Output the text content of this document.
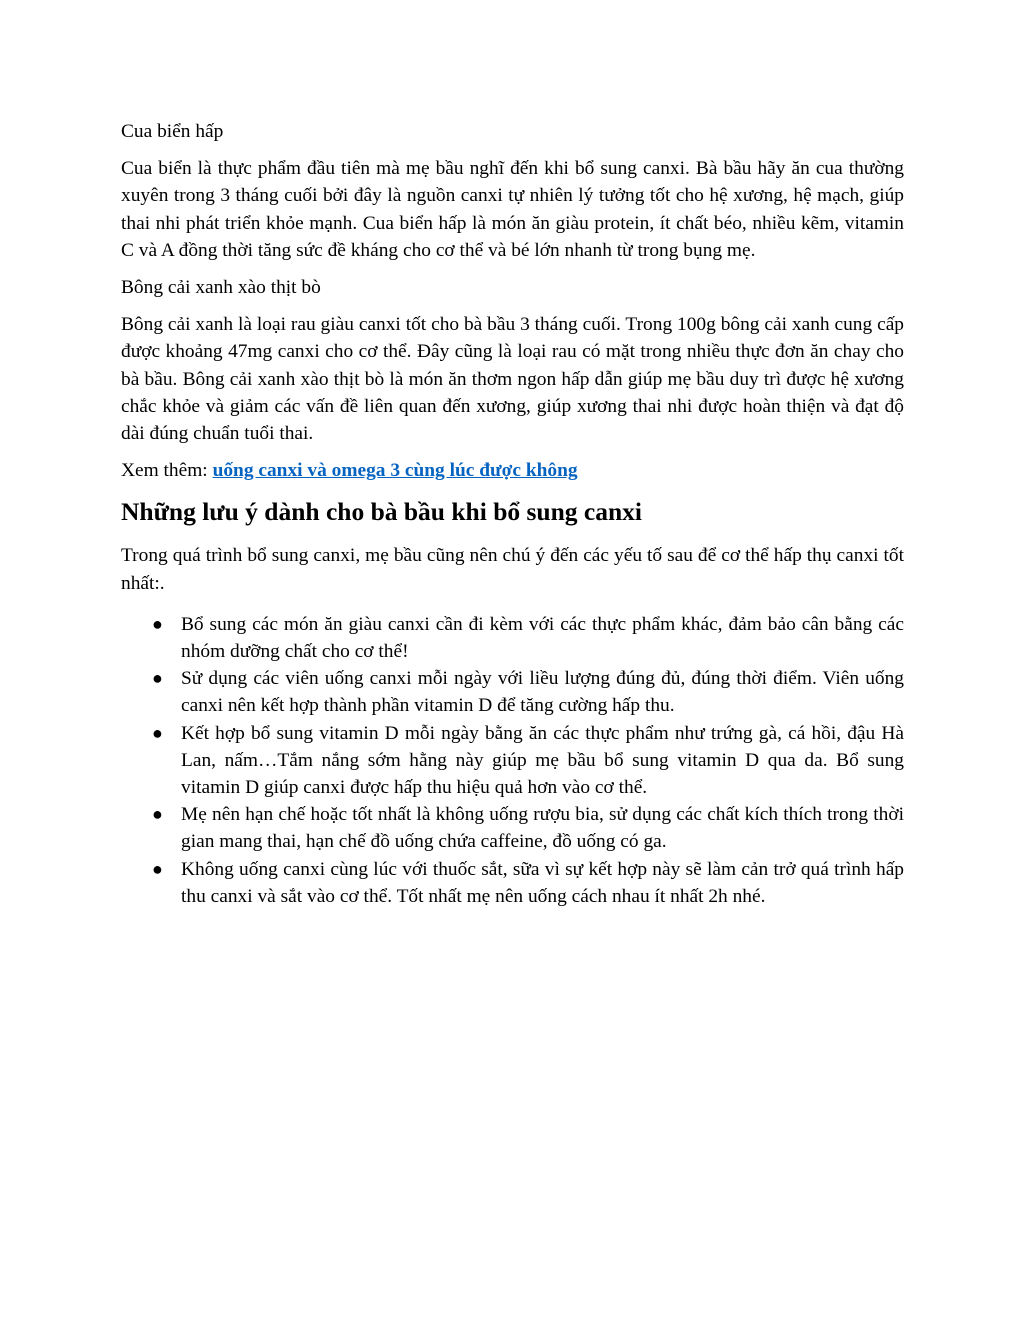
Cua biển hấp

Cua biển là thực phẩm đầu tiên mà mẹ bầu nghĩ đến khi bổ sung canxi. Bà bầu hãy ăn cua thường xuyên trong 3 tháng cuối bởi đây là nguồn canxi tự nhiên lý tưởng tốt cho hệ xương, hệ mạch, giúp thai nhi phát triển khỏe mạnh. Cua biển hấp là món ăn giàu protein, ít chất béo, nhiều kẽm, vitamin C và A đồng thời tăng sức đề kháng cho cơ thể và bé lớn nhanh từ trong bụng mẹ.

Bông cải xanh xào thịt bò

Bông cải xanh là loại rau giàu canxi tốt cho bà bầu 3 tháng cuối. Trong 100g bông cải xanh cung cấp được khoảng 47mg canxi cho cơ thể. Đây cũng là loại rau có mặt trong nhiều thực đơn ăn chay cho bà bầu. Bông cải xanh xào thịt bò là món ăn thơm ngon hấp dẫn giúp mẹ bầu duy trì được hệ xương chắc khỏe và giảm các vấn đề liên quan đến xương, giúp xương thai nhi được hoàn thiện và đạt độ dài đúng chuẩn tuổi thai.

Xem thêm: uống canxi và omega 3 cùng lúc được không

Những lưu ý dành cho bà bầu khi bổ sung canxi

Trong quá trình bổ sung canxi, mẹ bầu cũng nên chú ý đến các yếu tố sau để cơ thể hấp thụ canxi tốt nhất:.

● Bổ sung các món ăn giàu canxi cần đi kèm với các thực phẩm khác, đảm bảo cân bằng các nhóm dưỡng chất cho cơ thể!
● Sử dụng các viên uống canxi mỗi ngày với liều lượng đúng đủ, đúng thời điểm. Viên uống canxi nên kết hợp thành phần vitamin D để tăng cường hấp thu.
● Kết hợp bổ sung vitamin D mỗi ngày bằng ăn các thực phẩm như trứng gà, cá hồi, đậu Hà Lan, nấm…Tắm nắng sớm hằng này giúp mẹ bầu bổ sung vitamin D qua da. Bổ sung vitamin D giúp canxi được hấp thu hiệu quả hơn vào cơ thể.
● Mẹ nên hạn chế hoặc tốt nhất là không uống rượu bia, sử dụng các chất kích thích trong thời gian mang thai, hạn chế đồ uống chứa caffeine, đồ uống có ga.
● Không uống canxi cùng lúc với thuốc sắt, sữa vì sự kết hợp này sẽ làm cản trở quá trình hấp thu canxi và sắt vào cơ thể. Tốt nhất mẹ nên uống cách nhau ít nhất 2h nhé.
